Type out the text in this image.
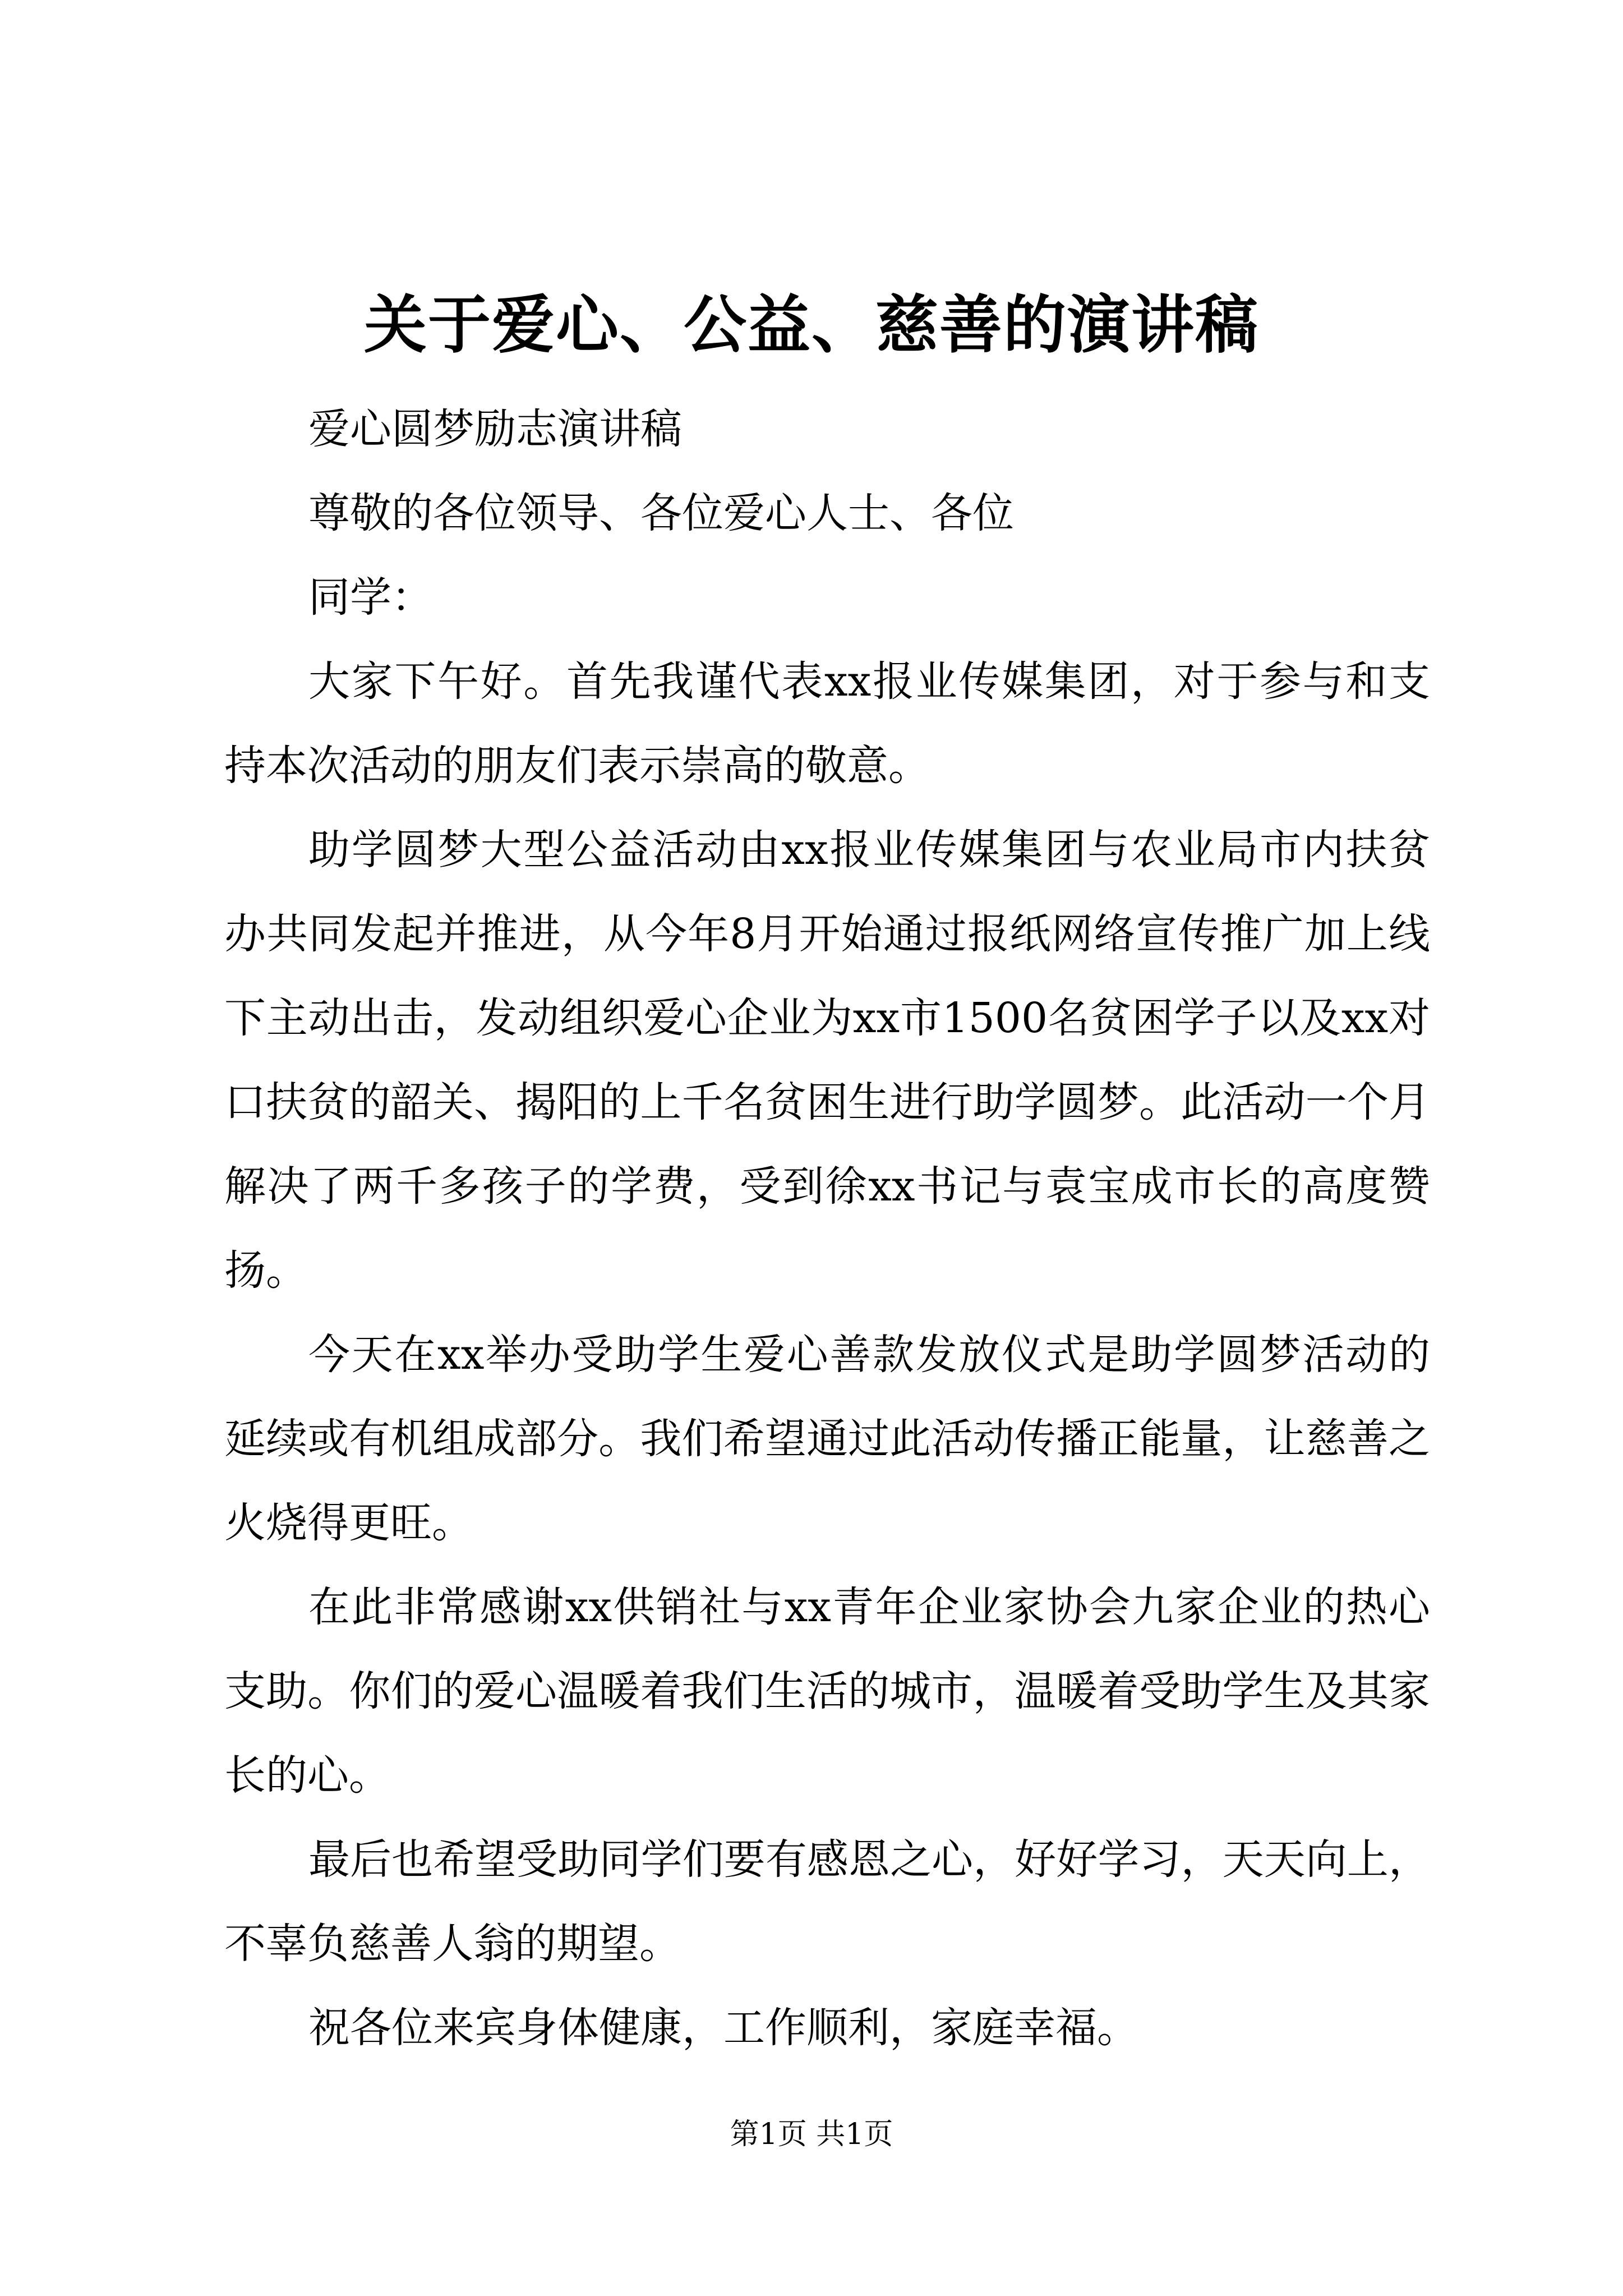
关于爱心、公益、慈善的演讲稿

爱心圆梦励志演讲稿

尊敬的各位领导、各位爱心人士、各位

同学：

大家下午好。首先我谨代表xx报业传媒集团，对于参与和支持本次活动的朋友们表示崇高的敬意。

助学圆梦大型公益活动由xx报业传媒集团与农业局市内扶贫办共同发起并推进，从今年8月开始通过报纸网络宣传推广加上线下主动出击，发动组织爱心企业为xx市1500名贫困学子以及xx对口扶贫的韶关、揭阳的上千名贫困生进行助学圆梦。此活动一个月解决了两千多孩子的学费，受到徐xx书记与袁宝成市长的高度赞扬。

今天在xx举办受助学生爱心善款发放仪式是助学圆梦活动的延续或有机组成部分。我们希望通过此活动传播正能量，让慈善之火烧得更旺。

在此非常感谢xx供销社与xx青年企业家协会九家企业的热心支助。你们的爱心温暖着我们生活的城市，温暖着受助学生及其家长的心。

最后也希望受助同学们要有感恩之心，好好学习，天天向上，不辜负慈善人翁的期望。

祝各位来宾身体健康，工作顺利，家庭幸福。

第1页 共1页
